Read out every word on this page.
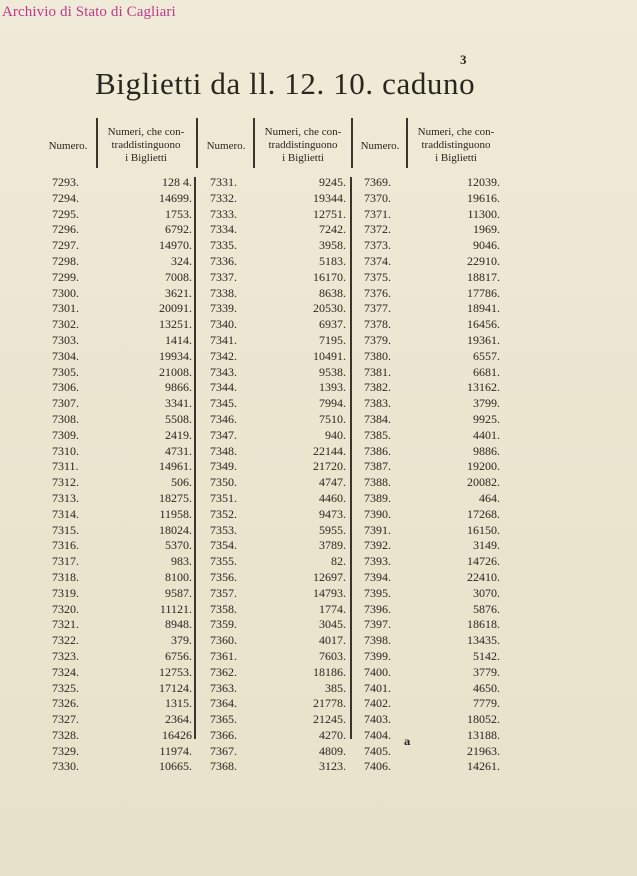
Archivio di Stato di Cagliari
3
Biglietti da ll. 12. 10. caduno
Numero.
Numeri, che con-
traddistinguono
i Biglietti
Numero.
Numeri, che con-
traddistinguono
i Biglietti
Numero.
Numeri, che con-
traddistinguono
i Biglietti
7293.
7294.
7295.
7296.
7297.
7298.
7299.
7300.
7301.
7302.
7303.
7304.
7305.
7306.
7307.
7308.
7309.
7310.
7311.
7312.
7313.
7314.
7315.
7316.
7317.
7318.
7319.
7320.
7321.
7322.
7323.
7324.
7325.
7326.
7327.
7328.
7329.
7330.
128 4.
14699.
1753.
6792.
14970.
324.
7008.
3621.
20091.
13251.
1414.
19934.
21008.
9866.
3341.
5508.
2419.
4731.
14961.
506.
18275.
11958.
18024.
5370.
983.
8100.
9587.
11121.
8948.
379.
6756.
12753.
17124.
1315.
2364.
16426
11974.
10665.
7331.
7332.
7333.
7334.
7335.
7336.
7337.
7338.
7339.
7340.
7341.
7342.
7343.
7344.
7345.
7346.
7347.
7348.
7349.
7350.
7351.
7352.
7353.
7354.
7355.
7356.
7357.
7358.
7359.
7360.
7361.
7362.
7363.
7364.
7365.
7366.
7367.
7368.
9245.
19344.
12751.
7242.
3958.
5183.
16170.
8638.
20530.
6937.
7195.
10491.
9538.
1393.
7994.
7510.
940.
22144.
21720.
4747.
4460.
9473.
5955.
3789.
82.
12697.
14793.
1774.
3045.
4017.
7603.
18186.
385.
21778.
21245.
4270.
4809.
3123.
7369.
7370.
7371.
7372.
7373.
7374.
7375.
7376.
7377.
7378.
7379.
7380.
7381.
7382.
7383.
7384.
7385.
7386.
7387.
7388.
7389.
7390.
7391.
7392.
7393.
7394.
7395.
7396.
7397.
7398.
7399.
7400.
7401.
7402.
7403.
7404.
7405.
7406.
12039.
19616.
11300.
1969.
9046.
22910.
18817.
17786.
18941.
16456.
19361.
6557.
6681.
13162.
3799.
9925.
4401.
9886.
19200.
20082.
464.
17268.
16150.
3149.
14726.
22410.
3070.
5876.
18618.
13435.
5142.
3779.
4650.
7779.
18052.
13188.
21963.
14261.
a
